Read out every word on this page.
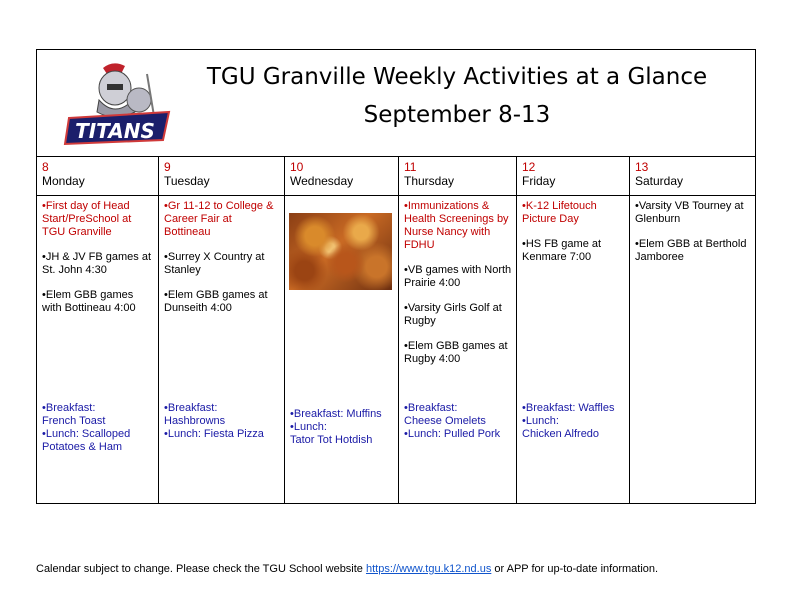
TITANS
TGU Granville Weekly Activities at a Glance
September 8-13
8
Monday
•First day of Head Start/PreSchool at TGU Granville
•JH & JV FB games at St. John 4:30
•Elem GBB games with Bottineau 4:00
•Breakfast:
French Toast
•Lunch: Scalloped
Potatoes & Ham
9
Tuesday
•Gr 11-12 to College & Career Fair at Bottineau
•Surrey X Country at Stanley
•Elem GBB games at Dunseith 4:00
•Breakfast:
Hashbrowns
•Lunch: Fiesta Pizza
10
Wednesday
•Breakfast: Muffins
•Lunch:
Tator Tot Hotdish
11
Thursday
•Immunizations & Health Screenings by Nurse Nancy with FDHU
•VB games with North Prairie 4:00
•Varsity Girls Golf at Rugby
•Elem GBB games at Rugby 4:00
•Breakfast:
Cheese Omelets
•Lunch: Pulled Pork
12
Friday
•K-12 Lifetouch Picture Day
•HS FB game at Kenmare 7:00
•Breakfast: Waffles
•Lunch:
Chicken Alfredo
13
Saturday
•Varsity VB Tourney at Glenburn
•Elem GBB at Berthold Jamboree
Calendar subject to change. Please check the TGU School website https://www.tgu.k12.nd.us or APP for up-to-date information.
